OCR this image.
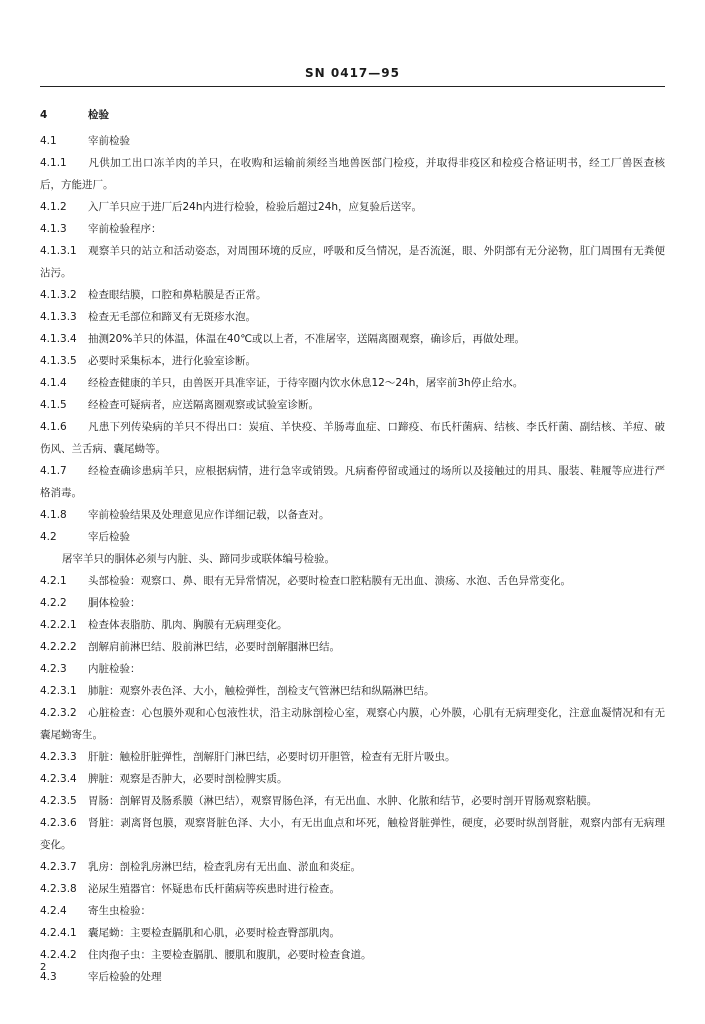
SN 0417—95
4	检验
4.1	宰前检验
4.1.1 凡供加工出口冻羊肉的羊只，在收购和运输前须经当地兽医部门检疫，并取得非疫区和检疫合格证明书，经工厂兽医查核后，方能进厂。
4.1.2 入厂羊只应于进厂后24h内进行检验，检验后超过24h，应复验后送宰。
4.1.3 宰前检验程序：
4.1.3.1 观察羊只的站立和活动姿态，对周围环境的反应，呼吸和反刍情况，是否流涎，眼、外阴部有无分泌物，肛门周围有无粪便沾污。
4.1.3.2 检查眼结膜，口腔和鼻粘膜是否正常。
4.1.3.3 检查无毛部位和蹄叉有无斑疹水泡。
4.1.3.4 抽测20%羊只的体温，体温在40℃或以上者，不准屠宰，送隔离圈观察，确诊后，再做处理。
4.1.3.5 必要时采集标本，进行化验室诊断。
4.1.4 经检查健康的羊只，由兽医开具准宰证，于待宰圈内饮水休息12～24h，屠宰前3h停止给水。
4.1.5 经检查可疑病者，应送隔离圈观察或试验室诊断。
4.1.6 凡患下列传染病的羊只不得出口：炭疽、羊快疫、羊肠毒血症、口蹄疫、布氏杆菌病、结核、李氏杆菌、副结核、羊痘、破伤风、兰舌病、囊尾蚴等。
4.1.7 经检查确诊患病羊只，应根据病情，进行急宰或销毁。凡病畜停留或通过的场所以及接触过的用具、服装、鞋履等应进行严格消毒。
4.1.8 宰前检验结果及处理意见应作详细记载，以备查对。
4.2	宰后检验
屠宰羊只的胴体必须与内脏、头、蹄同步或联体编号检验。
4.2.1 头部检验：观察口、鼻、眼有无异常情况，必要时检查口腔粘膜有无出血、溃疡、水泡、舌色异常变化。
4.2.2 胴体检验：
4.2.2.1 检查体表脂肪、肌肉、胸膜有无病理变化。
4.2.2.2 剖解肩前淋巴结、股前淋巴结，必要时剖解腘淋巴结。
4.2.3 内脏检验：
4.2.3.1 肺脏：观察外表色泽、大小，触检弹性，剖检支气管淋巴结和纵隔淋巴结。
4.2.3.2 心脏检查：心包膜外观和心包液性状，沿主动脉剖检心室，观察心内膜，心外膜，心肌有无病理变化，注意血凝情况和有无囊尾蚴寄生。
4.2.3.3 肝脏：触检肝脏弹性，剖解肝门淋巴结，必要时切开胆管，检查有无肝片吸虫。
4.2.3.4 脾脏：观察是否肿大，必要时剖检脾实质。
4.2.3.5 胃肠：剖解胃及肠系膜（淋巴结），观察胃肠色泽，有无出血、水肿、化脓和结节，必要时剖开胃肠观察粘膜。
4.2.3.6 肾脏：剥离肾包膜，观察肾脏色泽、大小，有无出血点和坏死，触检肾脏弹性，硬度，必要时纵剖肾脏，观察内部有无病理变化。
4.2.3.7 乳房：剖检乳房淋巴结，检查乳房有无出血、淤血和炎症。
4.2.3.8 泌尿生殖器官：怀疑患布氏杆菌病等疾患时进行检查。
4.2.4 寄生虫检验：
4.2.4.1 囊尾蚴：主要检查膈肌和心肌，必要时检查臀部肌肉。
4.2.4.2 住肉孢子虫：主要检查膈肌、腰肌和腹肌，必要时检查食道。
4.3	宰后检验的处理
2
